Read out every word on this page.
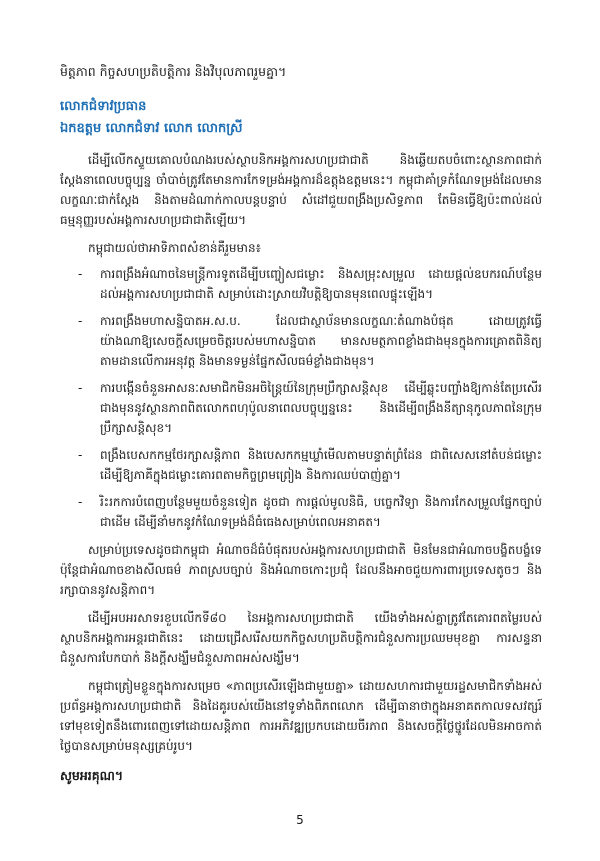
មិត្តភាព កិច្ចសហប្រតិបត្តិការ និងវិបុលភាពរួមគ្នា។

លោកជំទាវប្រធាន

ឯកឧត្តម លោកជំទាវ លោក លោកស្រី

ដើម្បីលើកស្ទួយគោលបំណងរបស់ស្ថាបនិកអង្គការសហប្រជាជាតិ និងឆ្លើយតបចំពោះស្ថានភាពជាក់ស្តែងនាពេលបច្ចុប្បន្ន ចាំបាច់ត្រូវតែមានការកែទម្រង់អង្គការដ៏ឧត្តុងឧត្តមនេះ។ កម្ពុជាគាំទ្រកំណែទម្រង់ដែលមានលក្ខណៈជាក់ស្តែង និងតាមដំណាក់កាលបន្តបន្ទាប់ សំដៅជួយពង្រឹងប្រសិទ្ធភាព តែមិនធ្វើឱ្យប៉ះពាល់ដល់ធម្មនុញ្ញរបស់អង្គការសហប្រជាជាតិឡើយ។

កម្ពុជាយល់ថាអាទិភាពសំខាន់គឺរួមមាន៖

- ការពង្រឹងអំណាចនៃមន្ត្រីការទូតដើម្បីបញ្ចៀសជម្លោះ និងសម្រុះសម្រួល ដោយផ្តល់ឧបករណ៍បន្ថែមដល់អង្គការសហប្រជាជាតិ សម្រាប់ដោះស្រាយវិបត្តិឱ្យបានមុនពេលផ្ទុះឡើង។
- ការពង្រឹងមហាសន្និបាតអ.ស.ប. ដែលជាស្ថាប័នមានលក្ខណៈតំណាងបំផុត ដោយត្រូវធ្វើយ៉ាងណាឱ្យសេចក្តីសម្រេចចិត្តរបស់មហាសន្និបាត មានសមត្ថភាពខ្លាំងជាងមុនក្នុងការគ្រោតពិនិត្យតាមដានលើការអនុវត្ត និងមានទម្ងន់ផ្នែកសីលធម៌ខ្លាំងជាងមុន។
- ការបង្កើនចំនួនអាសនៈសមាជិកមិនអចិន្ត្រៃយ៍នៃក្រុមប្រឹក្សាសន្តិសុខ ដើម្បីឆ្លុះបញ្ចាំងឱ្យកាន់តែប្រសើរជាងមុននូវស្ថានភាពពិតលោកពហុប៉ូលនាពេលបច្ចុប្បន្ននេះ និងដើម្បីពង្រឹងនីត្យានុកូលភាពនៃក្រុមប្រឹក្សាសន្តិសុខ។
- ពង្រឹងបេសកកម្មថែរក្សាសន្តិភាព និងបេសកកម្មឃ្លាំមើលតាមបន្ទាត់ព្រំដែន ជាពិសេសនៅតំបន់ជម្លោះ ដើម្បីឱ្យភាគីក្នុងជម្លោះគោរពតាមកិច្ចព្រមព្រៀង និងការឈប់បាញ់គ្នា។
- រិះរកការបំពេញបន្ថែមមួយចំនួនទៀត ដូចជា ការផ្តល់មូលនិធិ, បច្ចេកវិទ្យា និងការកែសម្រួលផ្នែកច្បាប់ជាដើម ដើម្បីនាំមកនូវកំណែទម្រង់ដ៏ធំធេងសម្រាប់ពេលអនាគត។

សម្រាប់ប្រទេសដូចជាកម្ពុជា អំណាចដ៏ធំបំផុតរបស់អង្គការសហប្រជាជាតិ មិនមែនជាអំណាចបង្ខិតបង្ខំទេ ប៉ុន្តែជាអំណាចខាងសីលធម៌ ភាពស្របច្បាប់ និងអំណាចកោះប្រជុំ ដែលនឹងអាចជួយការពារប្រទេសតូចៗ និងរក្សាបាននូវសន្តិភាព។

ដើម្បីអបអរសាទរខួបលើកទី៨០ នៃអង្គការសហប្រជាជាតិ យើងទាំងអស់គ្នាត្រូវតែគោរពតម្លៃរបស់ស្ថាបនិកអង្គការអន្តរជាតិនេះ ដោយជ្រើសរើសយកកិច្ចសហប្រតិបត្តិការជំនួសការប្រឈមមុខគ្នា ការសន្ទនាជំនួសការបែកបាក់ និងក្តីសង្ឃឹមជំនួសភាពអស់សង្ឃឹម។

កម្ពុជាត្រៀមខ្លួនក្នុងការសម្រេច «ភាពប្រសើរឡើងជាមួយគ្នា» ដោយសហការជាមួយរដ្ឋសមាជិកទាំងអស់ ប្រព័ន្ធអង្គការសហប្រជាជាតិ និងដៃគូរបស់យើងនៅទូទាំងពិភពលោក ដើម្បីធានាថាក្នុងអនាគតកាលទសវត្សរ៍ទៅមុខទៀតនឹងពោរពេញទៅដោយសន្តិភាព ការអភិវឌ្ឍប្រកបដោយចីរភាព និងសេចក្តីថ្លៃថ្នូរដែលមិនអាចកាត់ថ្លៃបានសម្រាប់មនុស្សគ្រប់រូប។

សូមអរគុណ។

5
